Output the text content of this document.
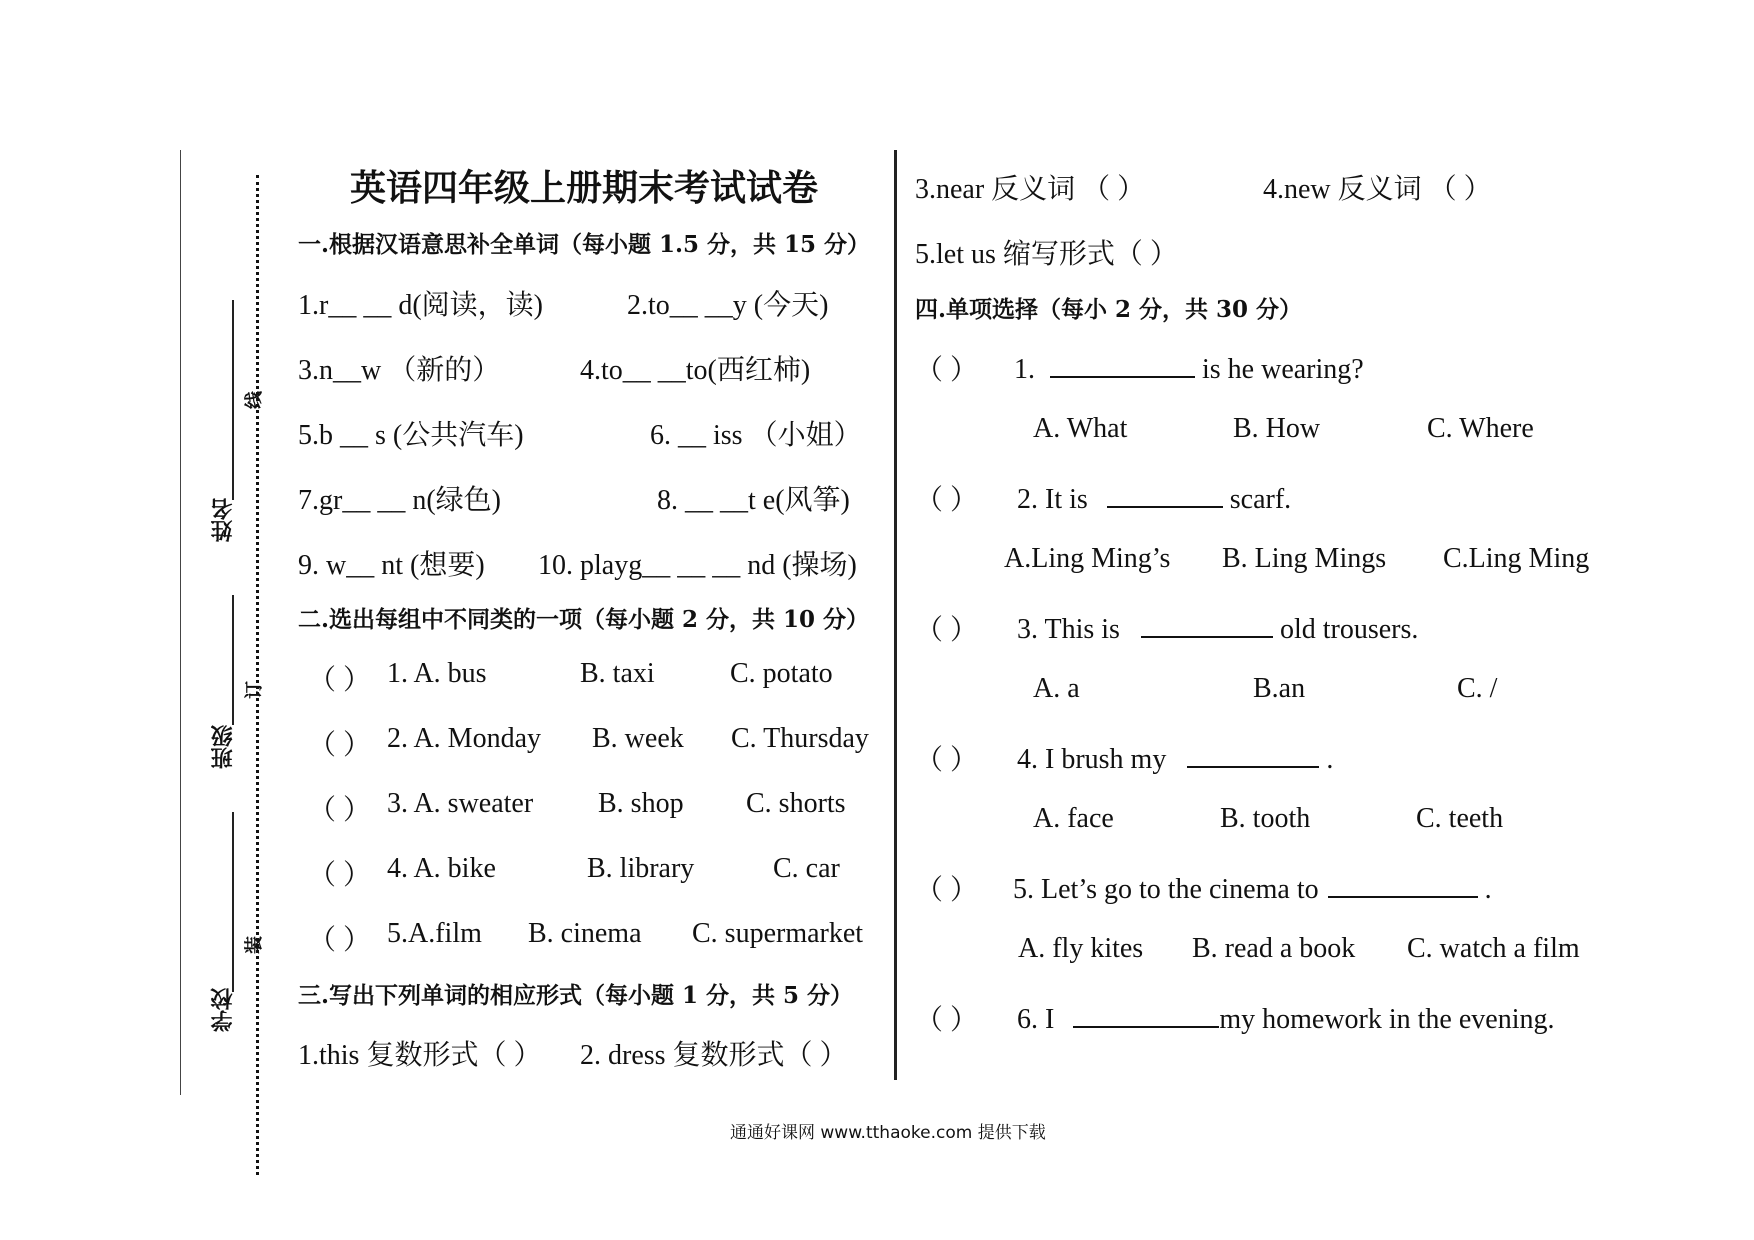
姓名
线
班级
订
学校
装
英语四年级上册期末考试试卷
一.根据汉语意思补全单词（每小题 1.5 分，共 15 分）
1.r__ __ d(阅读，读)	2.to__ __y (今天)
3.n__w （新的）	4.to__ __to(西红柿)
5.b __ s (公共汽车)	6. __ iss （小姐）
7.gr__ __ n(绿色)	8. __ __t e(风筝)
9. w__ nt (想要) 10. playg__ __ __ nd (操场)
二.选出每组中不同类的一项（每小题 2 分，共 10 分）
（ ） 1. A. bus	B. taxi	C. potato
（ ） 2. A. Monday B. week C. Thursday
（ ） 3. A. sweater B. shop C. shorts
（ ） 4. A. bike	B. library	C. car
（ ） 5.A.film B. cinema C. supermarket
三.写出下列单词的相应形式（每小题 1 分，共 5 分）
1.this 复数形式（ ） 2. dress 复数形式（ ）
3.near 反义词 （ ）	4.new 反义词 （ ）
5.let us 缩写形式（ ）
四.单项选择（每小 2 分，共 30 分）
（ ） 1.	is he wearing?
A. What	B. How	C. Where
（ ） 2. It is	scarf.
A.Ling Ming’s B. Ling Mings C.Ling Ming
（ ） 3. This is	old trousers.
A. a	B.an	C. /
（ ） 4. I brush my	.
A. face	B. tooth	C. teeth
（ ） 5. Let’s go to the cinema to	.
A. fly kites B. read a book C. watch a film
（ ） 6. I	my homework in the evening.
通通好课网 www.tthaoke.com 提供下载
